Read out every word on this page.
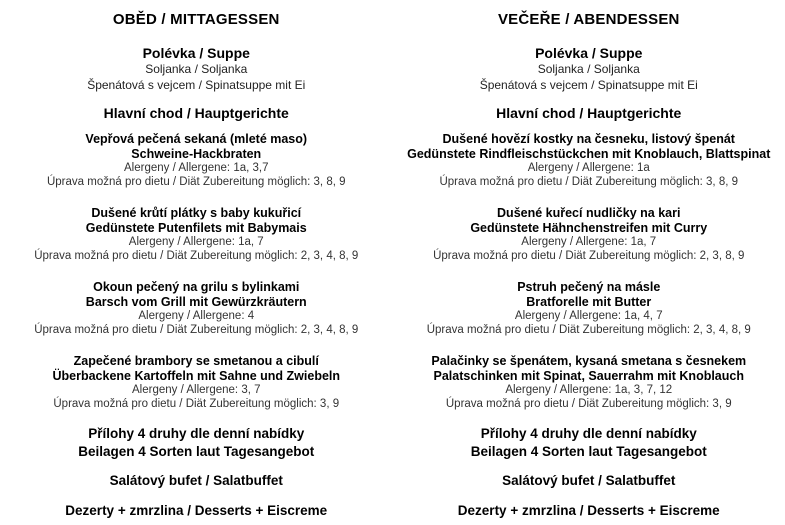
OBĚD / MITTAGESSEN
Polévka / Suppe
Soljanka / Soljanka
Špenátová s vejcem / Spinatsuppe mit Ei
Hlavní chod / Hauptgerichte
Vepřová pečená sekaná (mleté maso)
Schweine-Hackbraten
Alergeny / Allergene: 1a, 3,7
Úprava možná pro dietu / Diät Zubereitung möglich: 3, 8, 9
Dušené krůtí plátky s baby kukuřicí
Gedünstete Putenfilets mit Babymais
Alergeny / Allergene: 1a, 7
Úprava možná pro dietu / Diät Zubereitung möglich: 2, 3, 4, 8, 9
Okoun pečený na grilu s bylinkami
Barsch vom Grill mit Gewürzkräutern
Alergeny / Allergene: 4
Úprava možná pro dietu / Diät Zubereitung möglich: 2, 3, 4, 8, 9
Zapečené brambory se smetanou a cibulí
Überbackene Kartoffeln mit Sahne und Zwiebeln
Alergeny / Allergene: 3, 7
Úprava možná pro dietu / Diät Zubereitung möglich: 3, 9
Přílohy 4 druhy dle denní nabídky
Beilagen 4 Sorten laut Tagesangebot
Salátový bufet / Salatbuffet
Dezerty + zmrzlina / Desserts + Eiscreme
VEČEŘE / ABENDESSEN
Polévka / Suppe
Soljanka / Soljanka
Špenátová s vejcem / Spinatsuppe mit Ei
Hlavní chod / Hauptgerichte
Dušené hovězí kostky na česneku, listový špenát
Gedünstete Rindfleischstückchen mit Knoblauch, Blattspinat
Alergeny / Allergene: 1a
Úprava možná pro dietu / Diät Zubereitung möglich: 3, 8, 9
Dušené kuřecí nudličky na kari
Gedünstete Hähnchenstreifen mit Curry
Alergeny / Allergene: 1a, 7
Úprava možná pro dietu / Diät Zubereitung möglich: 2, 3, 8, 9
Pstruh pečený na másle
Bratforelle mit Butter
Alergeny / Allergene: 1a, 4, 7
Úprava možná pro dietu / Diät Zubereitung möglich: 2, 3, 4, 8, 9
Palačinky se špenátem, kysaná smetana s česnekem
Palatschinken mit Spinat, Sauerrahm mit Knoblauch
Alergeny / Allergene: 1a, 3, 7, 12
Úprava možná pro dietu / Diät Zubereitung möglich: 3, 9
Přílohy 4 druhy dle denní nabídky
Beilagen 4 Sorten laut Tagesangebot
Salátový bufet / Salatbuffet
Dezerty + zmrzlina / Desserts + Eiscreme
